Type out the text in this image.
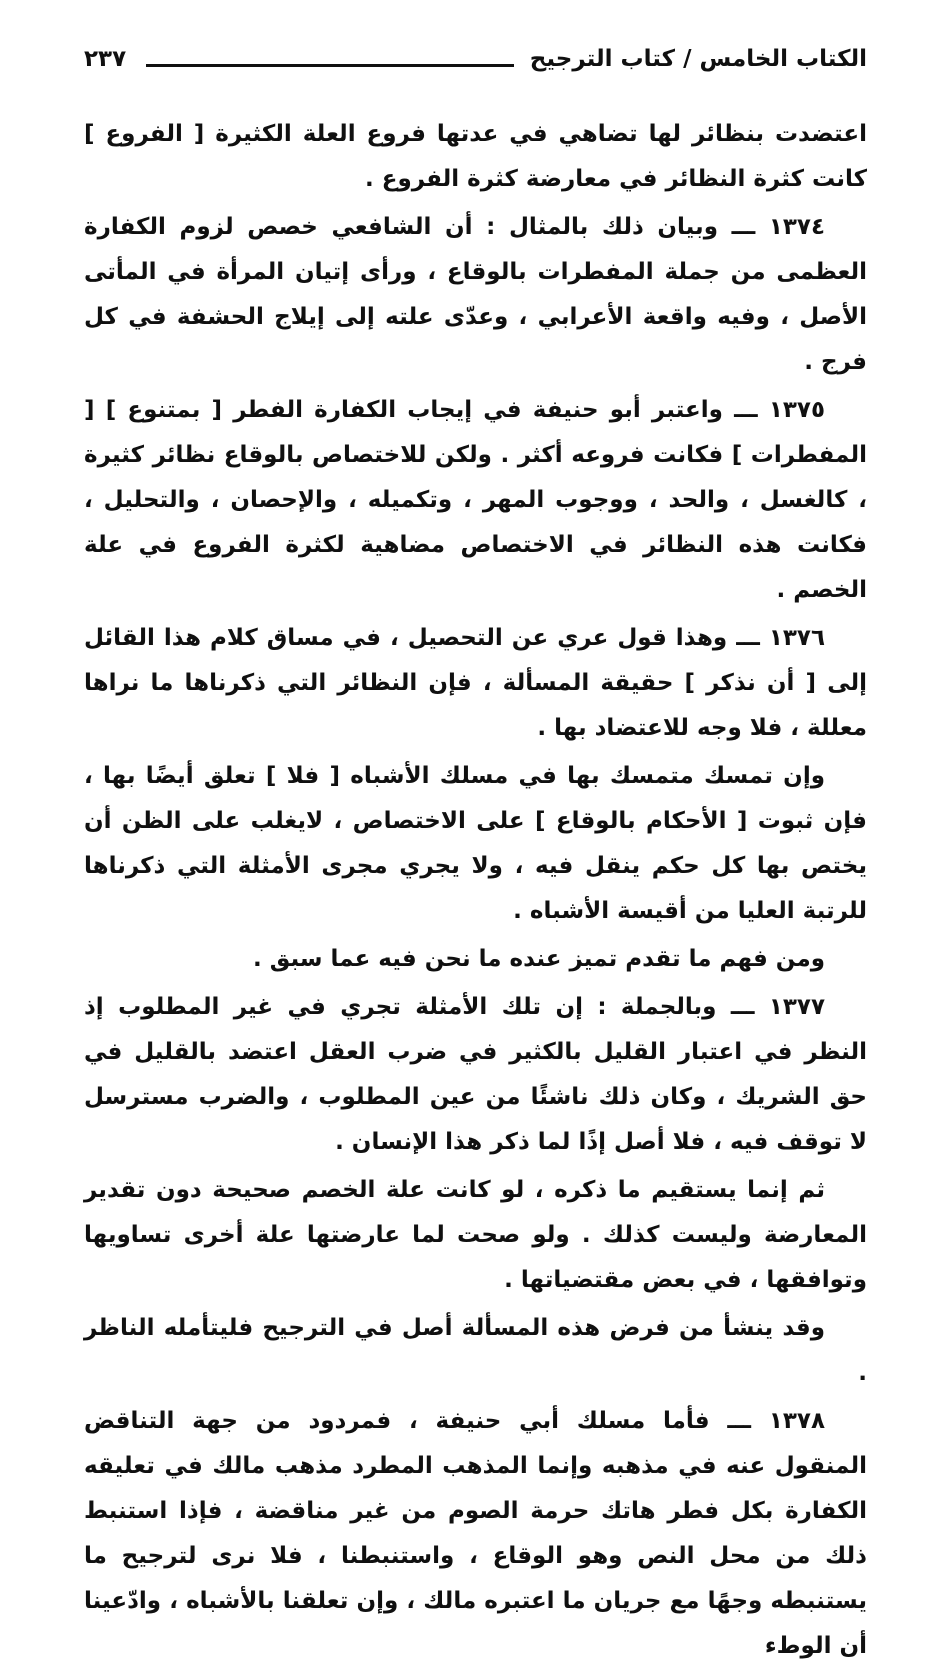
الكتاب الخامس / كتاب الترجيح
٢٣٧

اعتضدت بنظائر لها تضاهي في عدتها فروع العلة الكثيرة [ الفروع ] كانت كثرة النظائر في معارضة كثرة الفروع .

١٣٧٤ ـــ وبيان ذلك بالمثال : أن الشافعي خصص لزوم الكفارة العظمى من جملة المفطرات بالوقاع ، ورأى إتيان المرأة في المأتى الأصل ، وفيه واقعة الأعرابي ، وعدّى علته إلى إيلاج الحشفة في كل فرج .

١٣٧٥ ـــ واعتبر أبو حنيفة في إيجاب الكفارة الفطر [ بمتنوع ] [ المفطرات ] فكانت فروعه أكثر . ولكن للاختصاص بالوقاع نظائر كثيرة ، كالغسل ، والحد ، ووجوب المهر ، وتكميله ، والإحصان ، والتحليل ، فكانت هذه النظائر في الاختصاص مضاهية لكثرة الفروع في علة الخصم .

١٣٧٦ ـــ وهذا قول عري عن التحصيل ، في مساق كلام هذا القائل إلى [ أن نذكر ] حقيقة المسألة ، فإن النظائر التي ذكرناها ما نراها معللة ، فلا وجه للاعتضاد بها .

وإن تمسك متمسك بها في مسلك الأشباه [ فلا ] تعلق أيضًا بها ، فإن ثبوت [ الأحكام بالوقاع ] على الاختصاص ، لايغلب على الظن أن يختص بها كل حكم ينقل فيه ، ولا يجري مجرى الأمثلة التي ذكرناها للرتبة العليا من أقيسة الأشباه .

ومن فهم ما تقدم تميز عنده ما نحن فيه عما سبق .

١٣٧٧ ـــ وبالجملة : إن تلك الأمثلة تجري في غير المطلوب إذ النظر في اعتبار القليل بالكثير في ضرب العقل اعتضد بالقليل في حق الشريك ، وكان ذلك ناشئًا من عين المطلوب ، والضرب مسترسل لا توقف فيه ، فلا أصل إذًا لما ذكر هذا الإنسان .

ثم إنما يستقيم ما ذكره ، لو كانت علة الخصم صحيحة دون تقدير المعارضة وليست كذلك . ولو صحت لما عارضتها علة أخرى تساويها وتوافقها ، في بعض مقتضياتها .

وقد ينشأ من فرض هذه المسألة أصل في الترجيح فليتأمله الناظر .

١٣٧٨ ـــ فأما مسلك أبي حنيفة ، فمردود من جهة التناقض المنقول عنه في مذهبه وإنما المذهب المطرد مذهب مالك في تعليقه الكفارة بكل فطر هاتك حرمة الصوم من غير مناقضة ، فإذا استنبط ذلك من محل النص وهو الوقاع ، واستنبطنا ، فلا نرى لترجيح ما يستنبطه وجهًا مع جريان ما اعتبره مالك ، وإن تعلقنا بالأشباه ، وادّعينا أن الوطء
